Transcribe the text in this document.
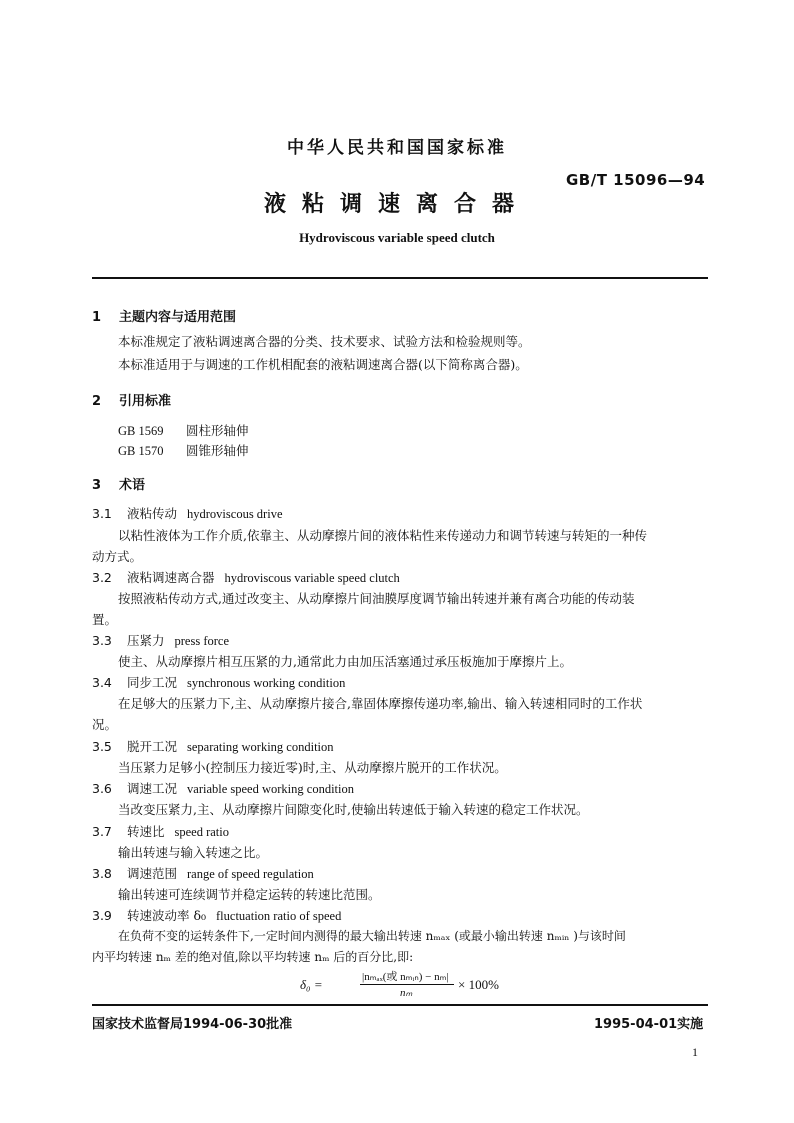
中华人民共和国国家标准
GB/T 15096—94
液粘调速离合器
Hydroviscous variable speed clutch
1 主题内容与适用范围
本标准规定了液粘调速离合器的分类、技术要求、试验方法和检验规则等。
本标准适用于与调速的工作机相配套的液粘调速离合器(以下简称离合器)。
2 引用标准
GB 1569 圆柱形轴伸
GB 1570 圆锥形轴伸
3 术语
3.1 液粘传动 hydroviscous drive
以粘性液体为工作介质,依靠主、从动摩擦片间的液体粘性来传递动力和调节转速与转矩的一种传
动方式。
3.2 液粘调速离合器 hydroviscous variable speed clutch
按照液粘传动方式,通过改变主、从动摩擦片间油膜厚度调节输出转速并兼有离合功能的传动装
置。
3.3 压紧力 press force
使主、从动摩擦片相互压紧的力,通常此力由加压活塞通过承压板施加于摩擦片上。
3.4 同步工况 synchronous working condition
在足够大的压紧力下,主、从动摩擦片接合,靠固体摩擦传递功率,输出、输入转速相同时的工作状
况。
3.5 脱开工况 separating working condition
当压紧力足够小(控制压力接近零)时,主、从动摩擦片脱开的工作状况。
3.6 调速工况 variable speed working condition
当改变压紧力,主、从动摩擦片间隙变化时,使输出转速低于输入转速的稳定工作状况。
3.7 转速比 speed ratio
输出转速与输入转速之比。
3.8 调速范围 range of speed regulation
输出转速可连续调节并稳定运转的转速比范围。
3.9 转速波动率 δ₀ fluctuation ratio of speed
在负荷不变的运转条件下,一定时间内测得的最大输出转速 nₘₐₓ (或最小输出转速 nₘᵢₙ )与该时间
内平均转速 nₘ 差的绝对值,除以平均转速 nₘ 后的百分比,即:
δ₀ =	|nₘₐₓ(或 nₘᵢₙ) − nₘ|
nₘ
× 100%
国家技术监督局1994-06-30批准	1995-04-01实施
1
